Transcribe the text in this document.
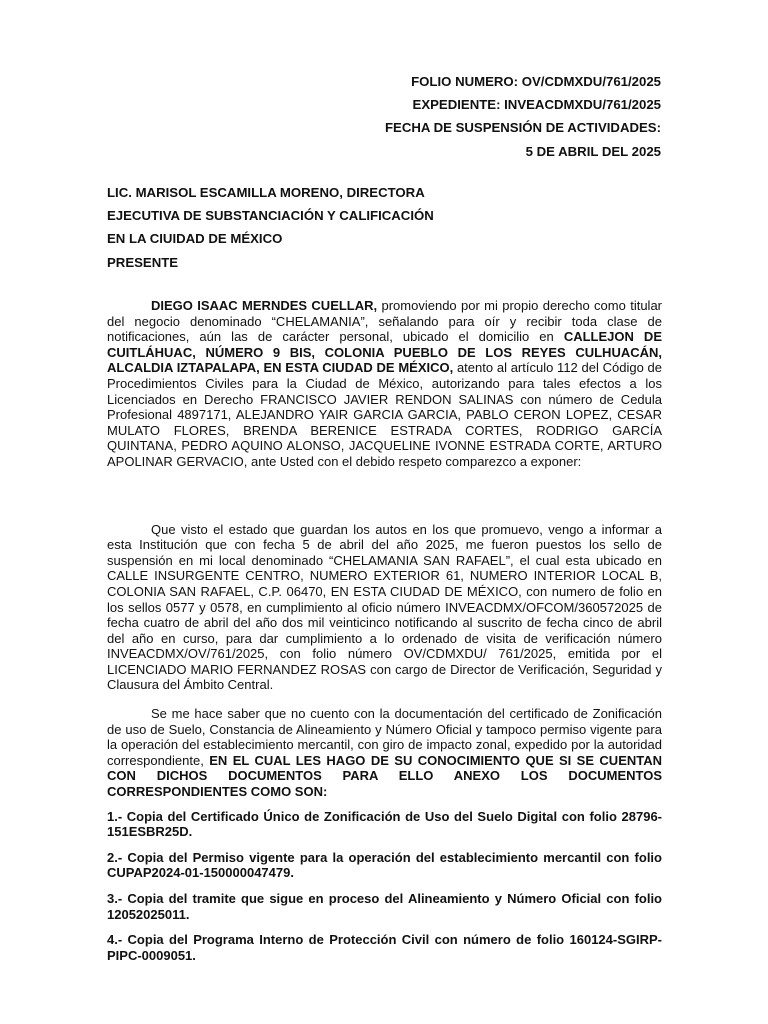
FOLIO NUMERO: OV/CDMXDU/761/2025
EXPEDIENTE: INVEACDMXDU/761/2025
FECHA DE SUSPENSIÓN DE ACTIVIDADES:
5 DE ABRIL DEL 2025
LIC. MARISOL ESCAMILLA MORENO, DIRECTORA
EJECUTIVA DE SUBSTANCIACIÓN Y CALIFICACIÓN
EN LA CIUIDAD DE MÉXICO
PRESENTE

DIEGO ISAAC MERNDES CUELLAR, promoviendo por mi propio derecho como titular del negocio denominado “CHELAMANIA”, señalando para oír y recibir toda clase de notificaciones, aún las de carácter personal, ubicado el domicilio en CALLEJON DE CUITLÁHUAC, NÚMERO 9 BIS, COLONIA PUEBLO DE LOS REYES CULHUACÁN, ALCALDIA IZTAPALAPA, EN ESTA CIUDAD DE MÉXICO, atento al artículo 112 del Código de Procedimientos Civiles para la Ciudad de México, autorizando para tales efectos a los Licenciados en Derecho FRANCISCO JAVIER RENDON SALINAS con número de Cedula Profesional 4897171, ALEJANDRO YAIR GARCIA GARCIA, PABLO CERON LOPEZ, CESAR MULATO FLORES, BRENDA BERENICE ESTRADA CORTES, RODRIGO GARCÍA QUINTANA, PEDRO AQUINO ALONSO, JACQUELINE IVONNE ESTRADA CORTE, ARTURO APOLINAR GERVACIO, ante Usted con el debido respeto comparezco a exponer:

Que visto el estado que guardan los autos en los que promuevo, vengo a informar a esta Institución que con fecha 5 de abril del año 2025, me fueron puestos los sello de suspensión en mi local denominado “CHELAMANIA SAN RAFAEL”, el cual esta ubicado en CALLE INSURGENTE CENTRO, NUMERO EXTERIOR 61, NUMERO INTERIOR LOCAL B, COLONIA SAN RAFAEL, C.P. 06470, EN ESTA CIUDAD DE MÉXICO, con numero de folio en los sellos 0577 y 0578, en cumplimiento al oficio número INVEACDMX/OFCOM/360572025 de fecha cuatro de abril del año dos mil veinticinco notificando al suscrito de fecha cinco de abril del año en curso, para dar cumplimiento a lo ordenado de visita de verificación número INVEACDMX/OV/761/2025, con folio número OV/CDMXDU/ 761/2025, emitida por el LICENCIADO MARIO FERNANDEZ ROSAS con cargo de Director de Verificación, Seguridad y Clausura del Ámbito Central.

Se me hace saber que no cuento con la documentación del certificado de Zonificación de uso de Suelo, Constancia de Alineamiento y Número Oficial y tampoco permiso vigente para la operación del establecimiento mercantil, con giro de impacto zonal, expedido por la autoridad correspondiente, EN EL CUAL LES HAGO DE SU CONOCIMIENTO QUE SI SE CUENTAN CON DICHOS DOCUMENTOS PARA ELLO ANEXO LOS DOCUMENTOS CORRESPONDIENTES COMO SON:

1.- Copia del Certificado Único de Zonificación de Uso del Suelo Digital con folio 28796-151ESBR25D.

2.- Copia del Permiso vigente para la operación del establecimiento mercantil con folio CUPAP2024-01-150000047479.

3.- Copia del tramite que sigue en proceso del Alineamiento y Número Oficial con folio 12052025011.

4.- Copia del Programa Interno de Protección Civil con número de folio 160124-SGIRP-PIPC-0009051.
